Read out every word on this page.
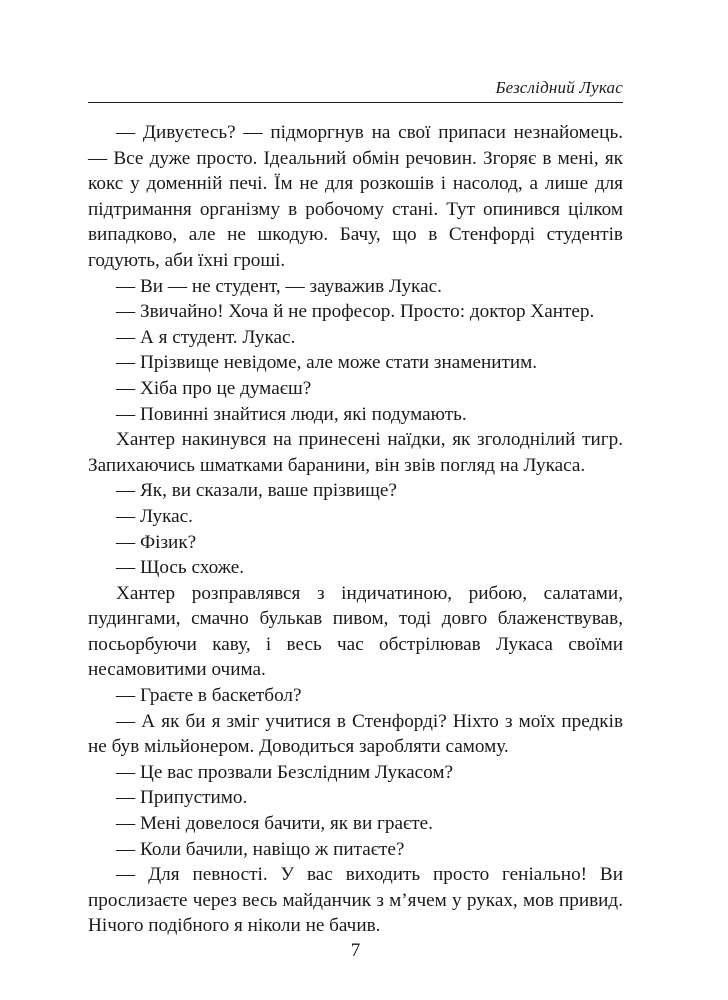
Безслідний Лукас

— Дивуєтесь? — підморгнув на свої припаси незнайомець. — Все дуже просто. Ідеальний обмін речовин. Згоряє в мені, як кокс у доменній печі. Їм не для розкошів і насолод, а лише для підтримання організму в робочому стані. Тут опинився цілком випадково, але не шкодую. Бачу, що в Стенфорді студентів годують, аби їхні гроші.

— Ви — не студент, — зауважив Лукас.

— Звичайно! Хоча й не професор. Просто: доктор Хантер.

— А я студент. Лукас.

— Прізвище невідоме, але може стати знаменитим.

— Хіба про це думаєш?

— Повинні знайтися люди, які подумають.

Хантер накинувся на принесені наїдки, як зголоднілий тигр. Запихаючись шматками баранини, він звів погляд на Лукаса.

— Як, ви сказали, ваше прізвище?

— Лукас.

— Фізик?

— Щось схоже.

Хантер розправлявся з індичатиною, рибою, салатами, пудингами, смачно булькав пивом, тоді довго блаженствував, посьорбуючи каву, і весь час обстрілював Лукаса своїми несамовитими очима.

— Граєте в баскетбол?

— А як би я зміг учитися в Стенфорді? Ніхто з моїх предків не був мільйонером. Доводиться заробляти самому.

— Це вас прозвали Безслідним Лукасом?

— Припустимо.

— Мені довелося бачити, як ви граєте.

— Коли бачили, навіщо ж питаєте?

— Для певності. У вас виходить просто геніально! Ви прослизаєте через весь майданчик з м’ячем у руках, мов привид. Нічого подібного я ніколи не бачив.

7
